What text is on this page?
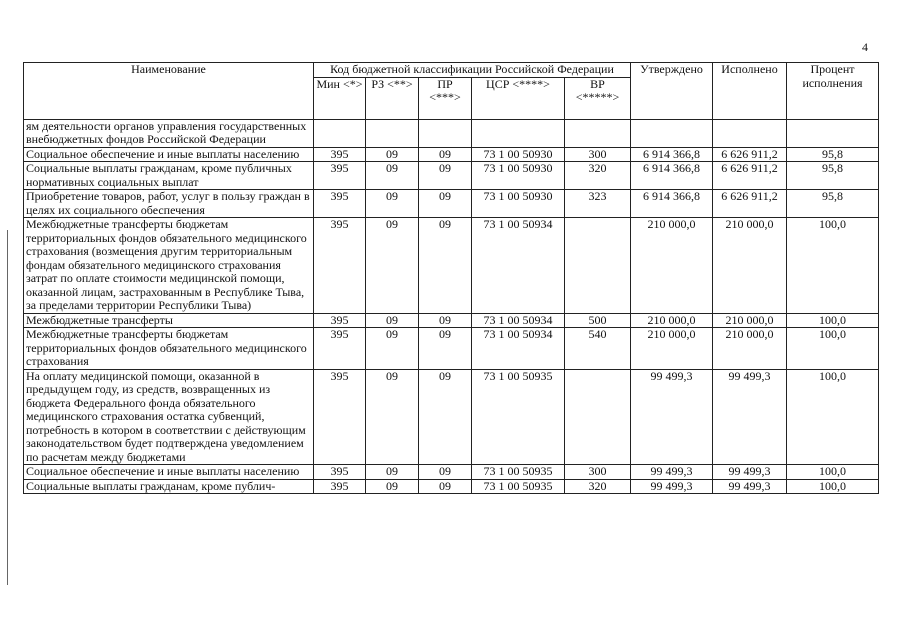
4
Наименование	Код бюджетной классификации Российской Федерации					Утверждено	Исполнено	Процент исполнения
	Мин <*>	РЗ <**>	ПР <***>	ЦСР <****>	ВР <*****>			
ям деятельности органов управления государственных внебюджетных фондов Российской Федерации								
Социальное обеспечение и иные выплаты населению	395	09	09	73 1 00 50930	300	6 914 366,8	6 626 911,2	95,8
Социальные выплаты гражданам, кроме публичных нормативных социальных выплат	395	09	09	73 1 00 50930	320	6 914 366,8	6 626 911,2	95,8
Приобретение товаров, работ, услуг в пользу граждан в целях их социального обеспечения	395	09	09	73 1 00 50930	323	6 914 366,8	6 626 911,2	95,8
Межбюджетные трансферты бюджетам территориальных фондов обязательного медицинского страхования (возмещения другим территориальным фондам обязательного медицинского страхования затрат по оплате стоимости медицинской помощи, оказанной лицам, застрахованным в Республике Тыва, за пределами территории Республики Тыва)	395	09	09	73 1 00 50934		210 000,0	210 000,0	100,0
Межбюджетные трансферты	395	09	09	73 1 00 50934	500	210 000,0	210 000,0	100,0
Межбюджетные трансферты бюджетам территориальных фондов обязательного медицинского страхования	395	09	09	73 1 00 50934	540	210 000,0	210 000,0	100,0
На оплату медицинской помощи, оказанной в предыдущем году, из средств, возвращенных из бюджета Федерального фонда обязательного медицинского страхования остатка субвенций, потребность в котором в соответствии с действующим законодательством будет подтверждена уведомлением по расчетам между бюджетами	395	09	09	73 1 00 50935		99 499,3	99 499,3	100,0
Социальное обеспечение и иные выплаты населению	395	09	09	73 1 00 50935	300	99 499,3	99 499,3	100,0
Социальные выплаты гражданам, кроме публич-	395	09	09	73 1 00 50935	320	99 499,3	99 499,3	100,0
